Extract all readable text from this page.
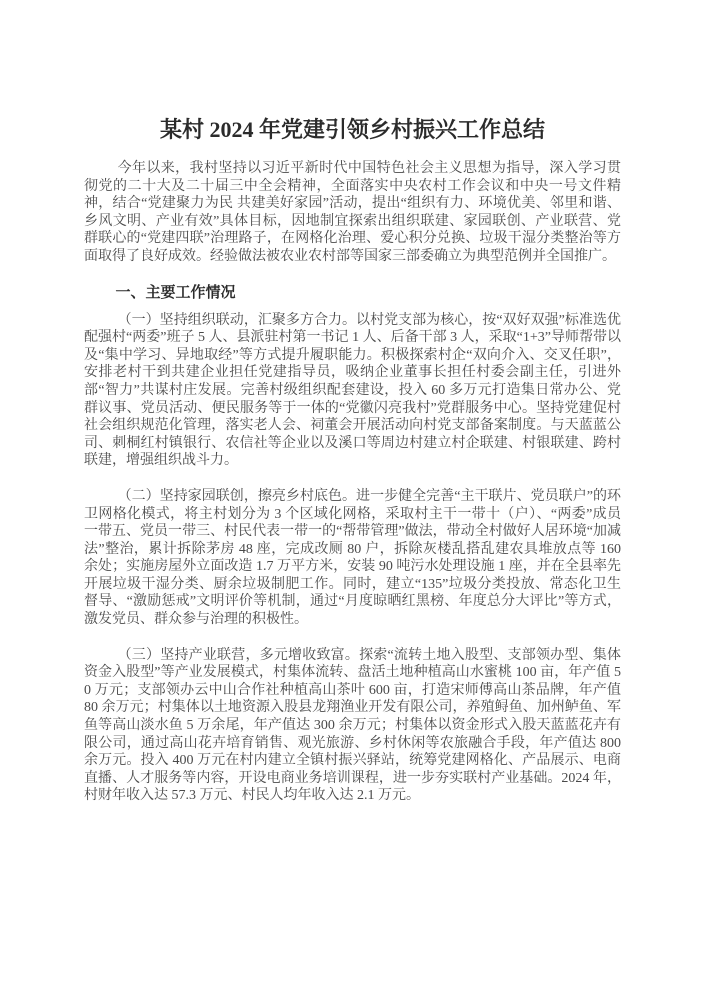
某村 2024 年党建引领乡村振兴工作总结

今年以来，我村坚持以习近平新时代中国特色社会主义思想为指导，深入学习贯彻党的二十大及二十届三中全会精神，全面落实中央农村工作会议和中央一号文件精神，结合“党建聚力为民 共建美好家园”活动，提出“组织有力、环境优美、邻里和谐、乡风文明、产业有效”具体目标，因地制宜探索出组织联建、家园联创、产业联营、党群联心的“党建四联”治理路子，在网格化治理、爱心积分兑换、垃圾干湿分类整治等方面取得了良好成效。经验做法被农业农村部等国家三部委确立为典型范例并全国推广。

一、主要工作情况

（一）坚持组织联动，汇聚多方合力。以村党支部为核心，按“双好双强”标准选优配强村“两委”班子 5 人、县派驻村第一书记 1 人、后备干部 3 人，采取“1+3”导师帮带以及“集中学习、异地取经”等方式提升履职能力。积极探索村企“双向介入、交叉任职”，安排老村干到共建企业担任党建指导员，吸纳企业董事长担任村委会副主任，引进外部“智力”共谋村庄发展。完善村级组织配套建设，投入 60 多万元打造集日常办公、党群议事、党员活动、便民服务等于一体的“党徽闪亮我村”党群服务中心。坚持党建促村社会组织规范化管理，落实老人会、祠董会开展活动向村党支部备案制度。与天蓝蓝公司、刺桐红村镇银行、农信社等企业以及溪口等周边村建立村企联建、村银联建、跨村联建，增强组织战斗力。

（二）坚持家园联创，擦亮乡村底色。进一步健全完善“主干联片、党员联户”的环卫网格化模式，将主村划分为 3 个区域化网格，采取村主干一带十（户）、“两委”成员一带五、党员一带三、村民代表一带一的“帮带管理”做法，带动全村做好人居环境“加减法”整治，累计拆除茅房 48 座，完成改厕 80 户，拆除灰楼乱搭乱建农具堆放点等 160 余处；实施房屋外立面改造 1.7 万平方米，安装 90 吨污水处理设施 1 座，并在全县率先开展垃圾干湿分类、厨余垃圾制肥工作。同时，建立“135”垃圾分类投放、常态化卫生督导、“激励惩戒”文明评价等机制，通过“月度晾晒红黑榜、年度总分大评比”等方式，激发党员、群众参与治理的积极性。

（三）坚持产业联营，多元增收致富。探索“流转土地入股型、支部领办型、集体资金入股型”等产业发展模式，村集体流转、盘活土地种植高山水蜜桃 100 亩，年产值 50 万元；支部领办云中山合作社种植高山茶叶 600 亩，打造宋师傅高山茶品牌，年产值 80 余万元；村集体以土地资源入股县龙翔渔业开发有限公司，养殖鲟鱼、加州鲈鱼、军鱼等高山淡水鱼 5 万余尾，年产值达 300 余万元；村集体以资金形式入股天蓝蓝花卉有限公司，通过高山花卉培育销售、观光旅游、乡村休闲等农旅融合手段，年产值达 800 余万元。投入 400 万元在村内建立全镇村振兴驿站，统筹党建网格化、产品展示、电商直播、人才服务等内容，开设电商业务培训课程，进一步夯实联村产业基础。2024 年，村财年收入达 57.3 万元、村民人均年收入达 2.1 万元。
